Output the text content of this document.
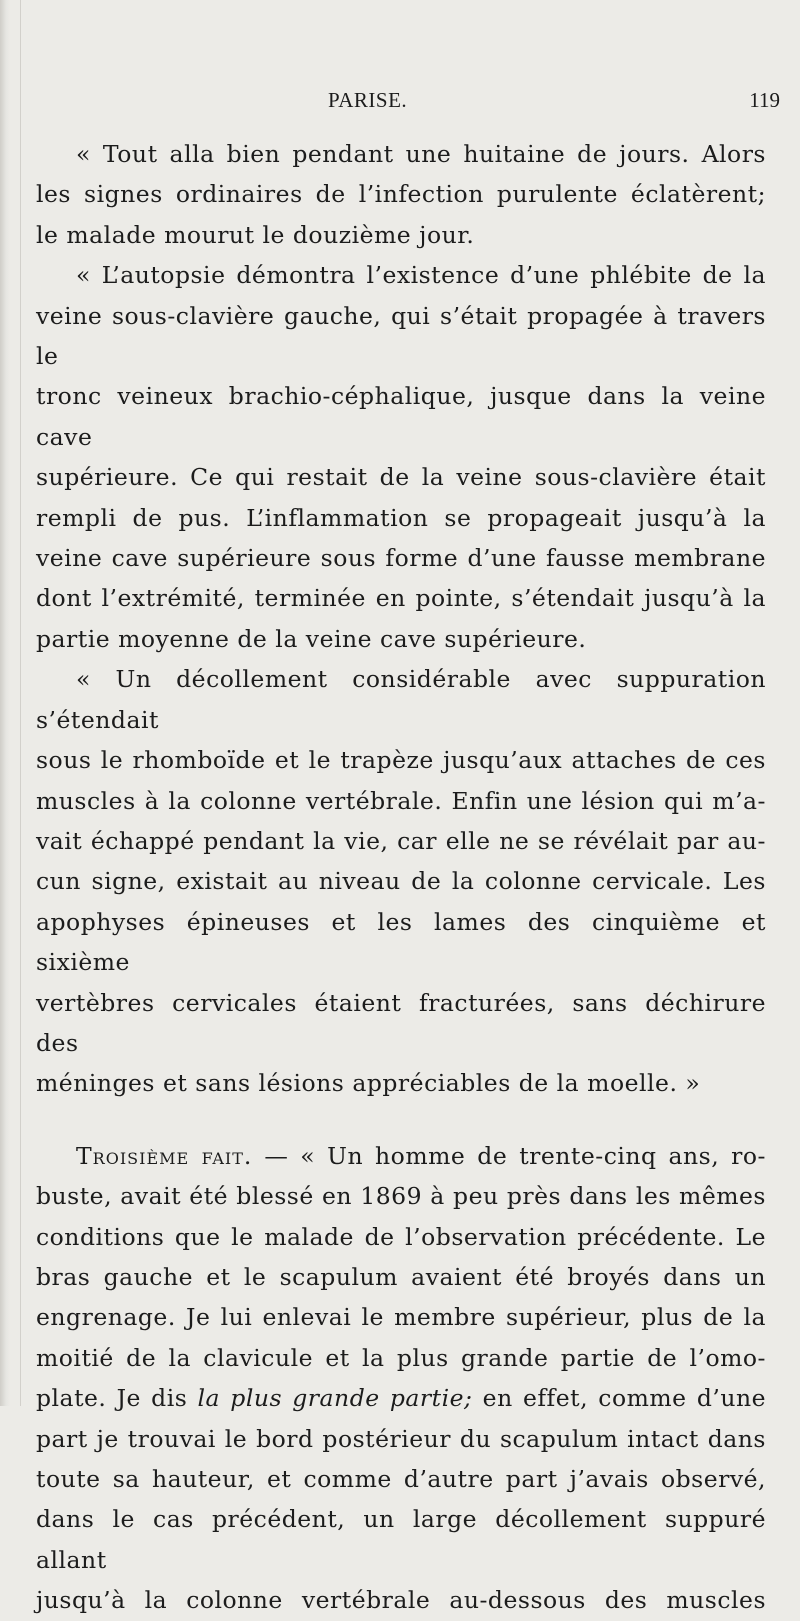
PARISE.	119

« Tout alla bien pendant une huitaine de jours. Alors
les signes ordinaires de l’infection purulente éclatèrent;
le malade mourut le douzième jour.

« L’autopsie démontra l’existence d’une phlébite de la
veine sous-clavière gauche, qui s’était propagée à travers le
tronc veineux brachio-céphalique, jusque dans la veine cave
supérieure. Ce qui restait de la veine sous-clavière était
rempli de pus. L’inflammation se propageait jusqu’à la
veine cave supérieure sous forme d’une fausse membrane
dont l’extrémité, terminée en pointe, s’étendait jusqu’à la
partie moyenne de la veine cave supérieure.

« Un décollement considérable avec suppuration s’étendait
sous le rhomboïde et le trapèze jusqu’aux attaches de ces
muscles à la colonne vertébrale. Enfin une lésion qui m’a-
vait échappé pendant la vie, car elle ne se révélait par au-
cun signe, existait au niveau de la colonne cervicale. Les
apophyses épineuses et les lames des cinquième et sixième
vertèbres cervicales étaient fracturées, sans déchirure des
méninges et sans lésions appréciables de la moelle. »

Troisième fait. — « Un homme de trente-cinq ans, ro-
buste, avait été blessé en 1869 à peu près dans les mêmes
conditions que le malade de l’observation précédente. Le
bras gauche et le scapulum avaient été broyés dans un
engrenage. Je lui enlevai le membre supérieur, plus de la
moitié de la clavicule et la plus grande partie de l’omo-
plate. Je dis la plus grande partie; en effet, comme d’une
part je trouvai le bord postérieur du scapulum intact dans
toute sa hauteur, et comme d’autre part j’avais observé,
dans le cas précédent, un large décollement suppuré allant
jusqu’à la colonne vertébrale au-dessous des muscles
